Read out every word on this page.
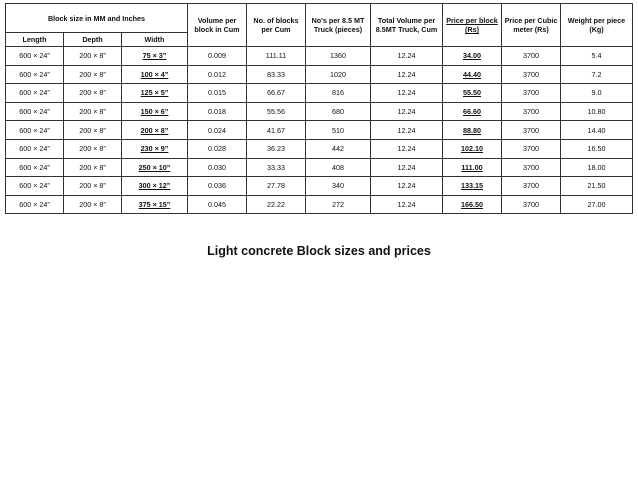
Block size in MM and Inches			Volume per block in Cum	No. of blocks per Cum	No's per 8.5 MT Truck (pieces)	Total Volume per 8.5MT Truck, Cum	Price per block (Rs)	Price per Cubic meter (Rs)	Weight per piece (Kg)
Length	Depth	Width							
600 × 24”	200 × 8”	75 × 3”	0.009	111.11	1360	12.24	34.00	3700	5.4
600 × 24”	200 × 8”	100 × 4”	0.012	83.33	1020	12.24	44.40	3700	7.2
600 × 24”	200 × 8”	125 × 5”	0.015	66.67	816	12.24	55.50	3700	9.0
600 × 24”	200 × 8”	150 × 6”	0.018	55.56	680	12.24	66.60	3700	10.80
600 × 24”	200 × 8”	200 × 8”	0.024	41.67	510	12.24	88.80	3700	14.40
600 × 24”	200 × 8”	230 × 9”	0.028	36.23	442	12.24	102.10	3700	16.50
600 × 24”	200 × 8”	250 × 10”	0.030	33.33	408	12.24	111.00	3700	18.00
600 × 24”	200 × 8”	300 × 12”	0.036	27.78	340	12.24	133.15	3700	21.50
600 × 24”	200 × 8”	375 × 15”	0.045	22.22	272	12.24	166.50	3700	27.00
Light concrete Block sizes and prices
